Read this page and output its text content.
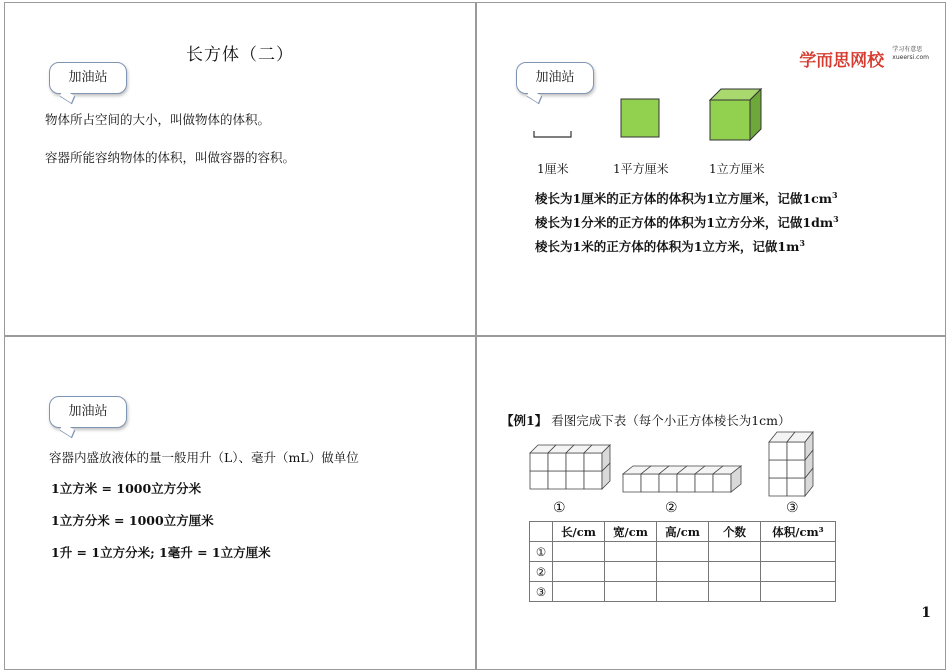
长方体（二）
加油站
物体所占空间的大小，叫做物体的体积。
容器所能容纳物体的体积，叫做容器的容积。
学而思网校
学习有意思
xueersi.com
加油站
1厘米	1平方厘米	1立方厘米
棱长为1厘米的正方体的体积为1立方厘米，记做$1cm^3$
棱长为1分米的正方体的体积为1立方分米，记做$1dm^3$
棱长为1米的正方体的体积为1立方米，记做$1m^3$
加油站
容器内盛放液体的量一般用升（L）、毫升（mL）做单位
1立方米 = 1000立方分米
1立方分米 = 1000立方厘米
1升 = 1立方分米; 1毫升 = 1立方厘米
【例1】 看图完成下表（每个小正方体棱长为1cm）
①	②	③
	长/cm	宽/cm	高/cm	个数	体积/cm³
①					
②					
③					
1
